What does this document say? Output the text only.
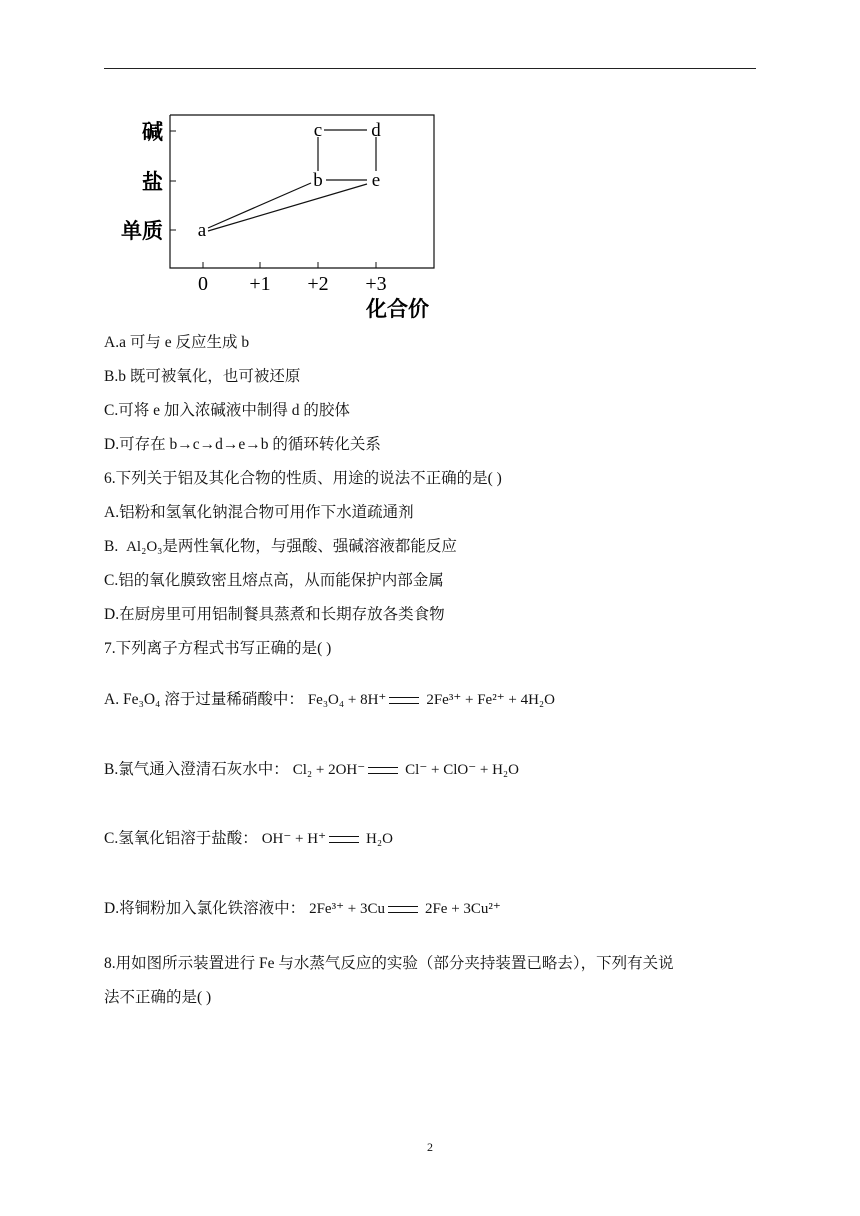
碱
盐
单质
0 +1 +2 +3
化合价
c	d
b	e
a
A.a 可与 e 反应生成 b
B.b 既可被氧化，也可被还原
C.可将 e 加入浓碱液中制得 d 的胶体
D.可存在 b→c→d→e→b 的循环转化关系
6.下列关于铝及其化合物的性质、用途的说法不正确的是( )
A.铝粉和氢氧化钠混合物可用作下水道疏通剂
B. Al₂O₃是两性氧化物，与强酸、强碱溶液都能反应
C.铝的氧化膜致密且熔点高，从而能保护内部金属
D.在厨房里可用铝制餐具蒸煮和长期存放各类食物
7.下列离子方程式书写正确的是( )
A. Fe₃O₄ 溶于过量稀硝酸中： Fe₃O₄ + 8H⁺	2Fe³⁺ + Fe²⁺ + 4H₂O
B.氯气通入澄清石灰水中： Cl₂ + 2OH⁻	Cl⁻ + ClO⁻ + H₂O
C.氢氧化铝溶于盐酸： OH⁻ + H⁺	H₂O
D.将铜粉加入氯化铁溶液中： 2Fe³⁺ + 3Cu	2Fe + 3Cu²⁺
8.用如图所示装置进行 Fe 与水蒸气反应的实验（部分夹持装置已略去），下列有关说
法不正确的是( )
2
